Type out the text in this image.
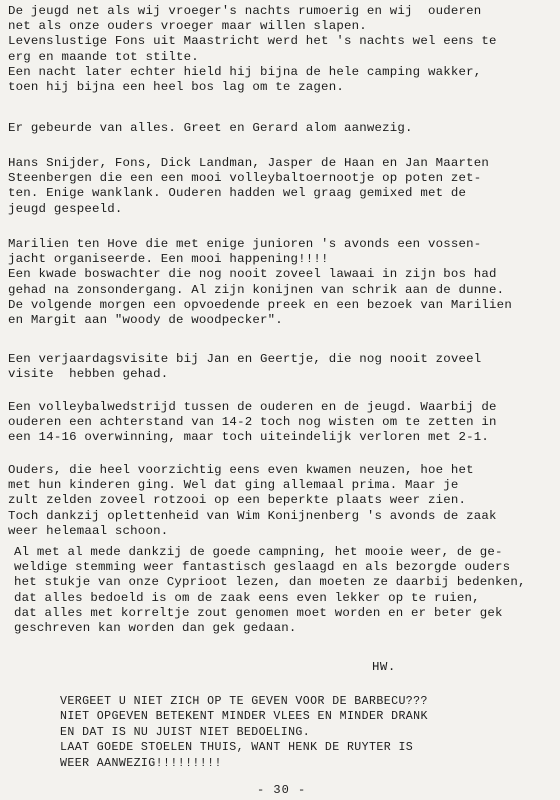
De jeugd net als wij vroeger's nachts rumoerig en wij  ouderen
net als onze ouders vroeger maar willen slapen.
Levenslustige Fons uit Maastricht werd het 's nachts wel eens te
erg en maande tot stilte.
Een nacht later echter hield hij bijna de hele camping wakker,
toen hij bijna een heel bos lag om te zagen.

Er gebeurde van alles. Greet en Gerard alom aanwezig.

Hans Snijder, Fons, Dick Landman, Jasper de Haan en Jan Maarten
Steenbergen die een een mooi volleybaltoernootje op poten zet-
ten. Enige wanklank. Ouderen hadden wel graag gemixed met de
jeugd gespeeld.

Marilien ten Hove die met enige junioren 's avonds een vossen-
jacht organiseerde. Een mooi happening!!!!
Een kwade boswachter die nog nooit zoveel lawaai in zijn bos had
gehad na zonsondergang. Al zijn konijnen van schrik aan de dunne.
De volgende morgen een opvoedende preek en een bezoek van Marilien
en Margit aan "woody de woodpecker".

Een verjaardagsvisite bij Jan en Geertje, die nog nooit zoveel
visite  hebben gehad.

Een volleybalwedstrijd tussen de ouderen en de jeugd. Waarbij de
ouderen een achterstand van 14-2 toch nog wisten om te zetten in
een 14-16 overwinning, maar toch uiteindelijk verloren met 2-1.

Ouders, die heel voorzichtig eens even kwamen neuzen, hoe het
met hun kinderen ging. Wel dat ging allemaal prima. Maar je
zult zelden zoveel rotzooi op een beperkte plaats weer zien.
Toch dankzij oplettenheid van Wim Konijnenberg 's avonds de zaak
weer helemaal schoon.

Al met al mede dankzij de goede campning, het mooie weer, de ge-
weldige stemming weer fantastisch geslaagd en als bezorgde ouders
het stukje van onze Cyprioot lezen, dan moeten ze daarbij bedenken,
dat alles bedoeld is om de zaak eens even lekker op te ruien,
dat alles met korreltje zout genomen moet worden en er beter gek
geschreven kan worden dan gek gedaan.

HW.

VERGEET U NIET ZICH OP TE GEVEN VOOR DE BARBECU???
NIET OPGEVEN BETEKENT MINDER VLEES EN MINDER DRANK
EN DAT IS NU JUIST NIET BEDOELING.
LAAT GOEDE STOELEN THUIS, WANT HENK DE RUYTER IS
WEER AANWEZIG!!!!!!!!!

- 30 -
